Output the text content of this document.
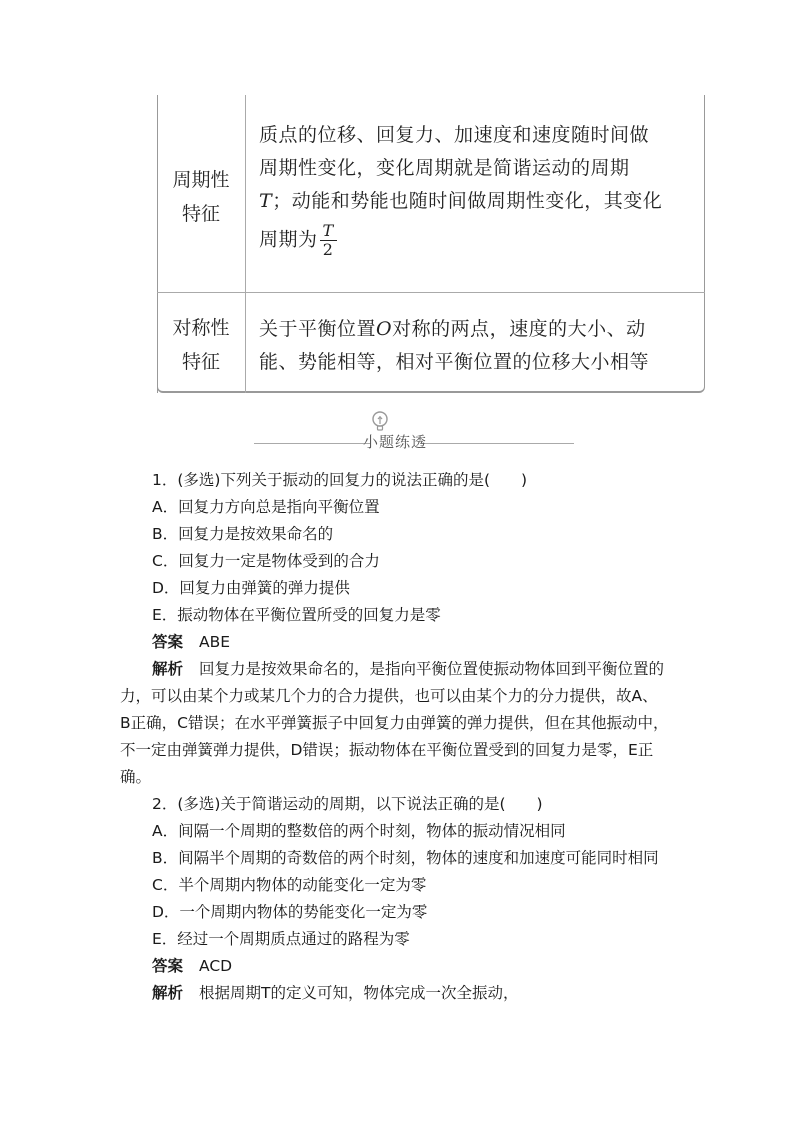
周期性
特征
质点的位移、回复力、加速度和速度随时间做
周期性变化，变化周期就是简谐运动的周期
T；动能和势能也随时间做周期性变化，其变化
周期为 $\frac{T}{2}$
对称性
特征
关于平衡位置O对称的两点，速度的大小、动
能、势能相等，相对平衡位置的位移大小相等
小题练透
1．(多选)下列关于振动的回复力的说法正确的是(　　)
A．回复力方向总是指向平衡位置
B．回复力是按效果命名的
C．回复力一定是物体受到的合力
D．回复力由弹簧的弹力提供
E．振动物体在平衡位置所受的回复力是零
答案 ABE
解析 回复力是按效果命名的，是指向平衡位置使振动物体回到平衡位置的
力，可以由某个力或某几个力的合力提供，也可以由某个力的分力提供，故A、
B正确，C错误；在水平弹簧振子中回复力由弹簧的弹力提供，但在其他振动中，
不一定由弹簧弹力提供，D错误；振动物体在平衡位置受到的回复力是零，E正
确。
2．(多选)关于简谐运动的周期，以下说法正确的是(　　)
A．间隔一个周期的整数倍的两个时刻，物体的振动情况相同
B．间隔半个周期的奇数倍的两个时刻，物体的速度和加速度可能同时相同
C．半个周期内物体的动能变化一定为零
D．一个周期内物体的势能变化一定为零
E．经过一个周期质点通过的路程为零
答案 ACD
解析 根据周期T的定义可知，物体完成一次全振动，
